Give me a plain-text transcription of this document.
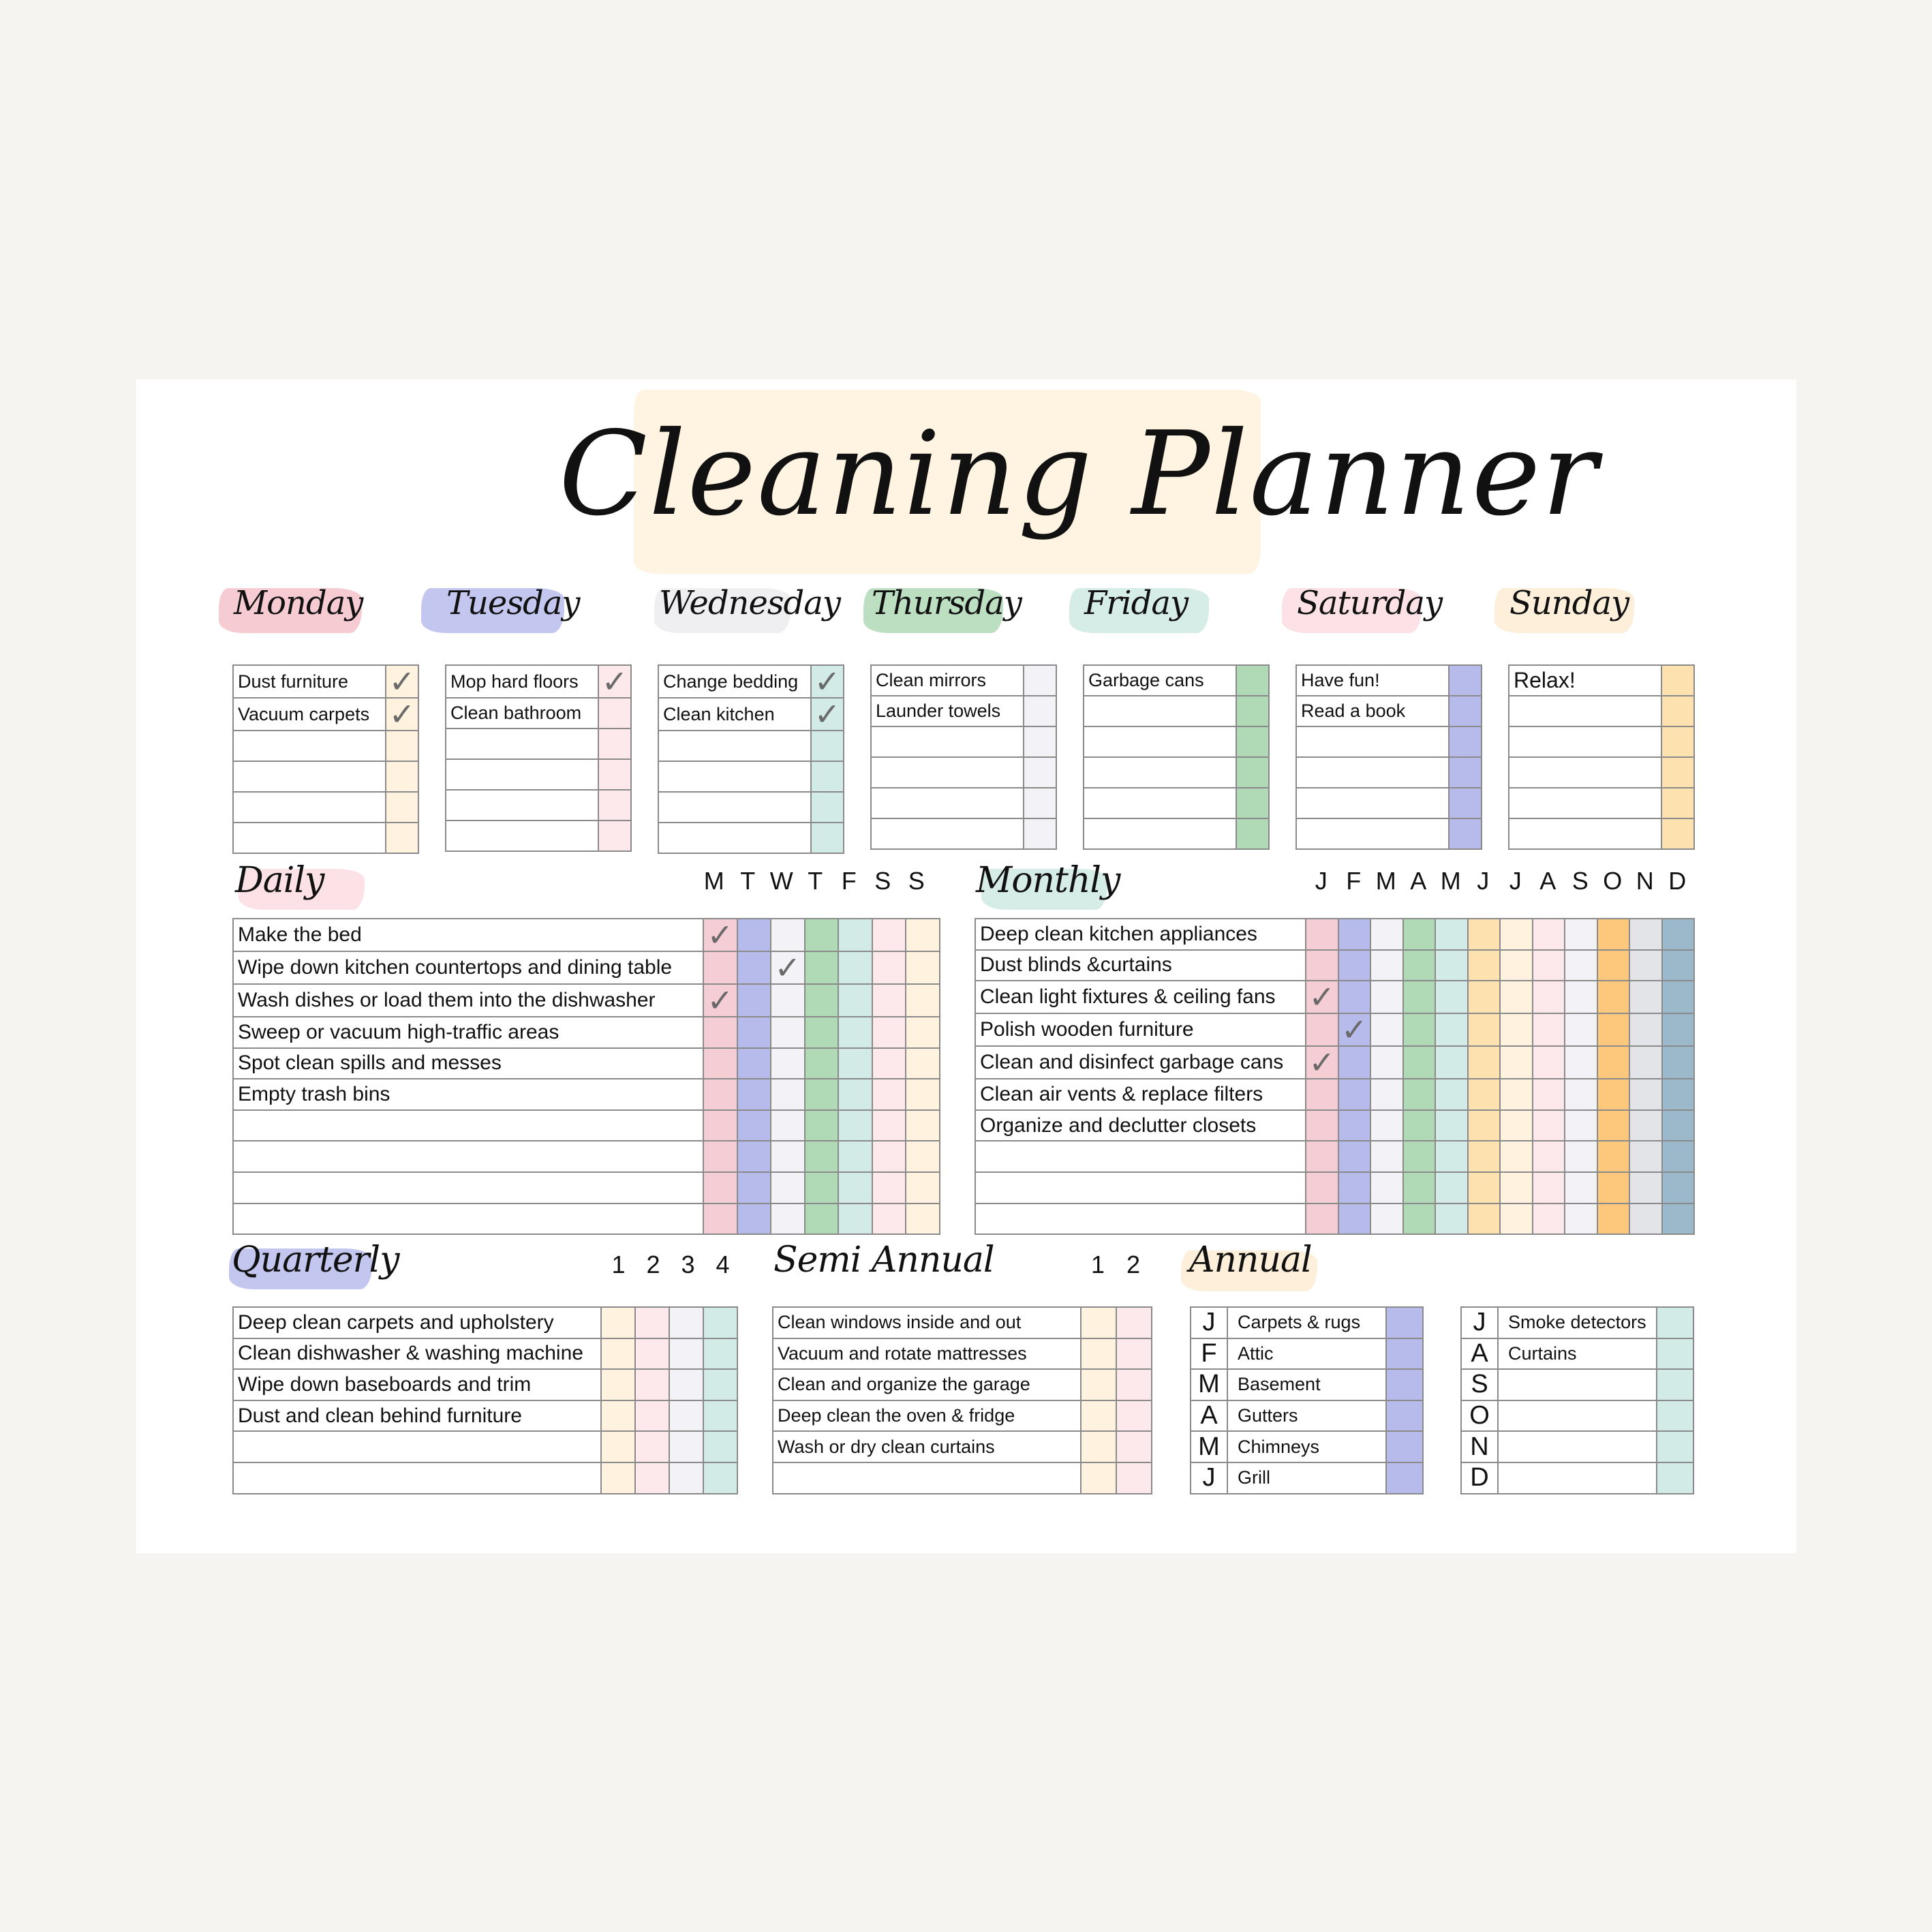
Cleaning Planner
Daily	M T W T F S S
Make the bed	✓						
Wipe down kitchen countertops and dining table			✓				
Wash dishes or load them into the dishwasher	✓						
Sweep or vacuum high-traffic areas							
Spot clean spills and messes							
Empty trash bins							

Monthly	J F M A M J J A S O N D
Deep clean kitchen appliances												
Dust blinds &curtains												
Clean light fixtures & ceiling fans	✓											
Polish wooden furniture		✓										
Clean and disinfect garbage cans	✓											
Clean air vents & replace filters												
Organize and declutter closets												

Quarterly	1 2 3 4
Deep clean carpets and upholstery				
Clean dishwasher & washing machine				
Wipe down baseboards and trim				
Dust and clean behind furniture				

Semi Annual	1 2
Clean windows inside and out		
Vacuum and rotate mattresses		
Clean and organize the garage		
Deep clean the oven & fridge		
Wash or dry clean curtains		

Annual
J	Carpets & rugs	
F	Attic	
M	Basement	
A	Gutters	
M	Chimneys	
J	Grill	
J	Smoke detectors	
A	Curtains	
S		
O		
N		
D		
Monday
Dust furniture	✓
Vacuum carpets	✓

Tuesday
Mop hard floors	✓
Clean bathroom	

Wednesday
Change bedding	✓
Clean kitchen	✓

Thursday
Clean mirrors	
Launder towels	

Friday
Garbage cans	

Saturday
Have fun!	
Read a book	

Sunday
Relax!	
